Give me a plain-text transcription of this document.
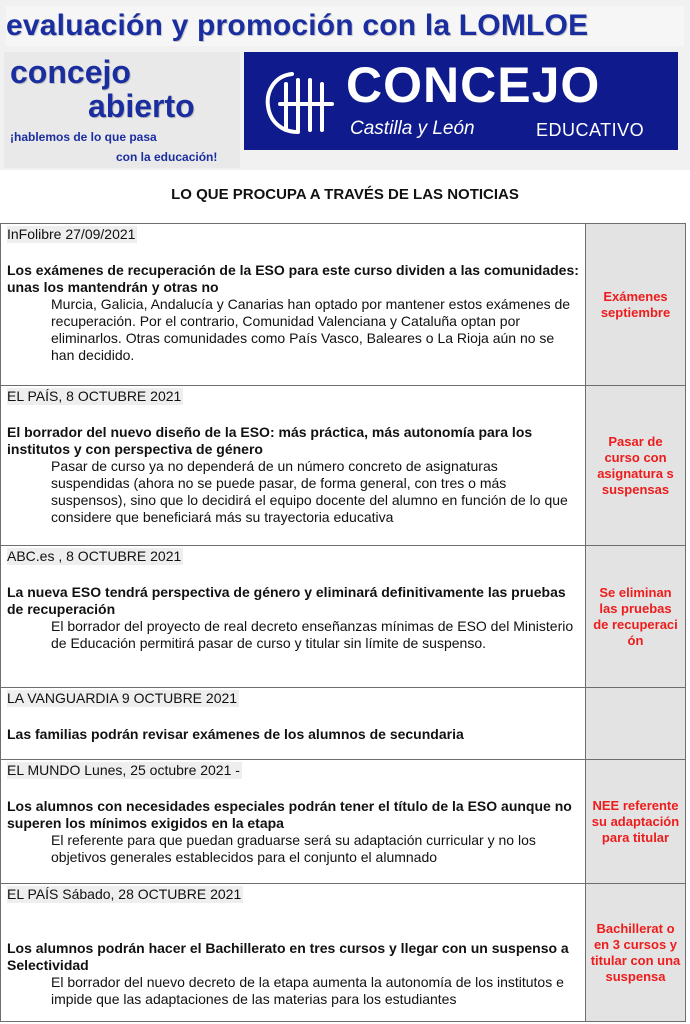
evaluación y promoción con la LOMLOE
concejo
abierto
¡hablemos de lo que pasa
con la educación!
CONCEJO
Castilla y León	EDUCATIVO
LO QUE PROCUPA A TRAVÉS DE LAS NOTICIAS
InFolibre 27/09/2021
Los exámenes de recuperación de la ESO para este curso dividen a las comunidades: unas los mantendrán y otras no
Murcia, Galicia, Andalucía y Canarias han optado por mantener estos exámenes de recuperación. Por el contrario, Comunidad Valenciana y Cataluña optan por eliminarlos. Otras comunidades como País Vasco, Baleares o La Rioja aún no se han decidido.	Exámenes septiembre
EL PAÍS, 8 OCTUBRE 2021
El borrador del nuevo diseño de la ESO: más práctica, más autonomía para los institutos y con perspectiva de género
Pasar de curso ya no dependerá de un número concreto de asignaturas suspendidas (ahora no se puede pasar, de forma general, con tres o más suspensos), sino que lo decidirá el equipo docente del alumno en función de lo que considere que beneficiará más su trayectoria educativa	Pasar de curso con asignatura s suspensas
ABC.es , 8 OCTUBRE 2021
La nueva ESO tendrá perspectiva de género y eliminará definitivamente las pruebas de recuperación
El borrador del proyecto de real decreto enseñanzas mínimas de ESO del Ministerio de Educación permitirá pasar de curso y titular sin límite de suspenso.	Se eliminan las pruebas de recuperaci ón
LA VANGUARDIA 9 OCTUBRE 2021
Las familias podrán revisar exámenes de los alumnos de secundaria	

EL MUNDO Lunes, 25 octubre 2021 -
Los alumnos con necesidades especiales podrán tener el título de la ESO aunque no superen los mínimos exigidos en la etapa
El referente para que puedan graduarse será su adaptación curricular y no los objetivos generales establecidos para el conjunto el alumnado	NEE referente su adaptación para titular
EL PAÍS Sábado, 28 OCTUBRE 2021
Los alumnos podrán hacer el Bachillerato en tres cursos y llegar con un suspenso a Selectividad
El borrador del nuevo decreto de la etapa aumenta la autonomía de los institutos e impide que las adaptaciones de las materias para los estudiantes	Bachillerat o en 3 cursos y titular con una suspensa
